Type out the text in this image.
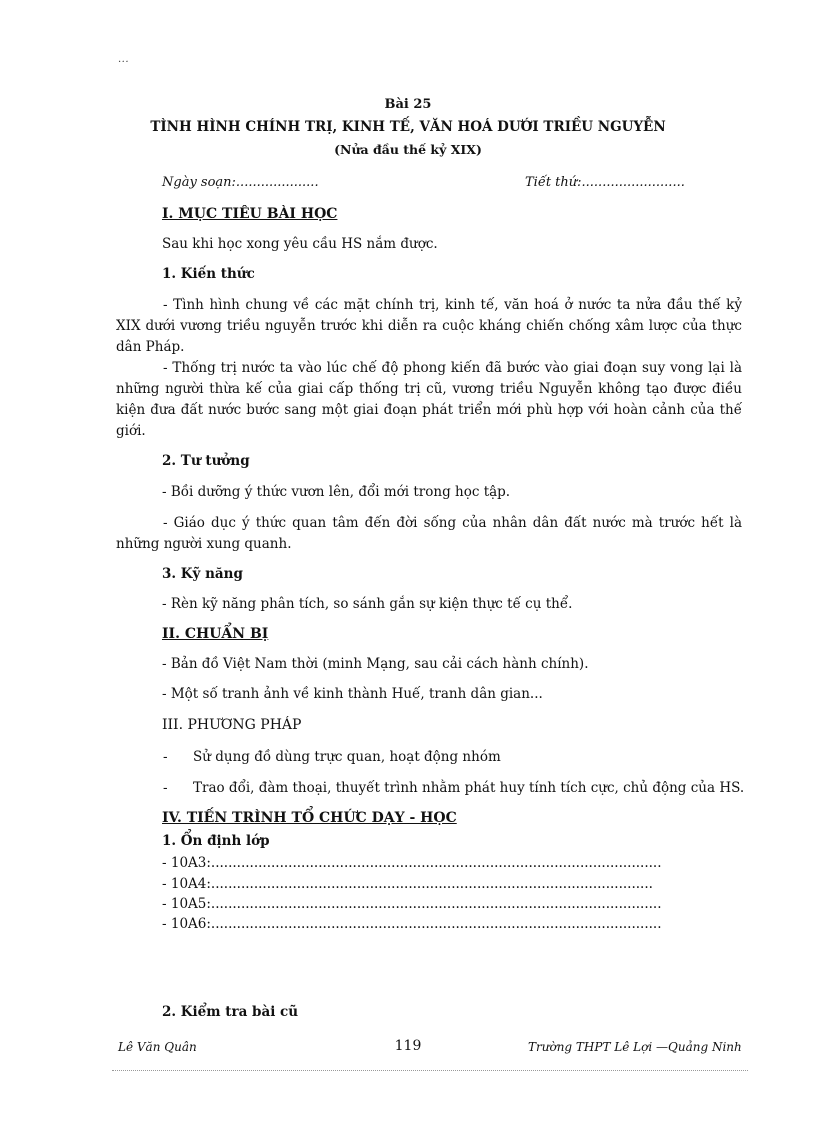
...
Bài 25
TÌNH HÌNH CHÍNH TRỊ, KINH TẾ, VĂN HOÁ DƯỚI TRIỀU NGUYỄN
(Nửa đầu thế kỷ XIX)
Ngày soạn:....................	Tiết thứ:.........................
I. MỤC TIÊU BÀI HỌC
Sau khi học xong yêu cầu HS nắm được.
1. Kiến thức
- Tình hình chung về các mặt chính trị, kinh tế, văn hoá ở nước ta nửa đầu thế kỷ XIX dưới vương triều nguyễn trước khi diễn ra cuộc kháng chiến chống xâm lược của thực dân Pháp.
- Thống trị nước ta vào lúc chế độ phong kiến đã bước vào giai đoạn suy vong lại là những người thừa kế của giai cấp thống trị cũ, vương triều Nguyễn không tạo được điều kiện đưa đất nước bước sang một giai đoạn phát triển mới phù hợp với hoàn cảnh của thế giới.
2. Tư tưởng
- Bồi dưỡng ý thức vươn lên, đổi mới trong học tập.
- Giáo dục ý thức quan tâm đến đời sống của nhân dân đất nước mà trước hết là những người xung quanh.
3. Kỹ năng
- Rèn kỹ năng phân tích, so sánh gắn sự kiện thực tế cụ thể.
II. CHUẨN BỊ
- Bản đồ Việt Nam thời (minh Mạng, sau cải cách hành chính).
- Một số tranh ảnh về kinh thành Huế, tranh dân gian...
III. PHƯƠNG PHÁP
- Sử dụng đồ dùng trực quan, hoạt động nhóm
- Trao đổi, đàm thoại, thuyết trình nhằm phát huy tính tích cực, chủ động của HS.
IV. TIẾN TRÌNH TỔ CHỨC DẠY - HỌC
1. Ổn định lớp
- 10A3:.........................................................................................................
- 10A4:.......................................................................................................
- 10A5:.........................................................................................................
- 10A6:.........................................................................................................
2. Kiểm tra bài cũ
Lê Văn Quân	119	Trường THPT Lê Lợi —Quảng Ninh
